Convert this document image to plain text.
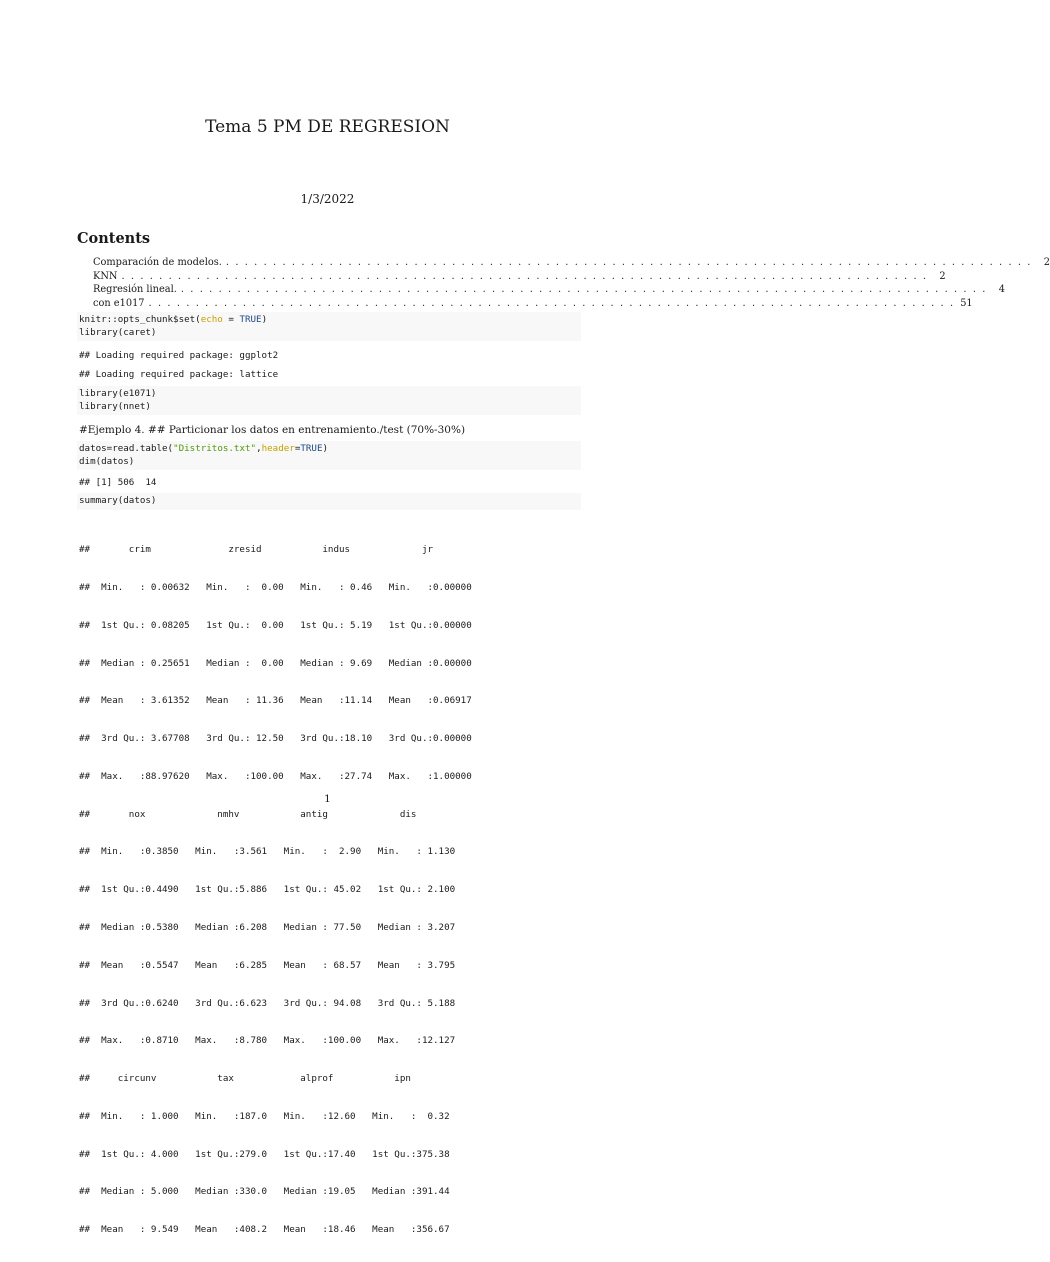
Tema 5 PM DE REGRESION
1/3/2022
Contents
Comparación de modelos. . . . . . . . . . . . . . . . . . . . . . . . . . . . . . . . . . . . . . . . . . . . . . . . . . . . . . . . . . . . . . . . . . . . . . . . . . . . . . . . . . . . . . .	2
KNN . . . . . . . . . . . . . . . . . . . . . . . . . . . . . . . . . . . . . . . . . . . . . . . . . . . . . . . . . . . . . . . . . . . . . . . . . . . . . . . . . . . . . .	2
Regresión lineal. . . . . . . . . . . . . . . . . . . . . . . . . . . . . . . . . . . . . . . . . . . . . . . . . . . . . . . . . . . . . . . . . . . . . . . . . . . . . . . . . . . . . . .	4
con e1017 . . . . . . . . . . . . . . . . . . . . . . . . . . . . . . . . . . . . . . . . . . . . . . . . . . . . . . . . . . . . . . . . . . . . . . . . . . . . . . . . . . . . . . 51
knitr::opts_chunk$set(echo = TRUE)
library(caret)
## Loading required package: ggplot2
## Loading required package: lattice
library(e1071)
library(nnet)
#Ejemplo 4. ## Particionar los datos en entrenamiento./test (70%-30%)
datos=read.table("Distritos.txt",header=TRUE)
dim(datos)
## [1] 506  14
summary(datos)

##       crim              zresid           indus             jr

##  Min.   : 0.00632   Min.   :  0.00   Min.   : 0.46   Min.   :0.00000

##  1st Qu.: 0.08205   1st Qu.:  0.00   1st Qu.: 5.19   1st Qu.:0.00000

##  Median : 0.25651   Median :  0.00   Median : 9.69   Median :0.00000

##  Mean   : 3.61352   Mean   : 11.36   Mean   :11.14   Mean   :0.06917

##  3rd Qu.: 3.67708   3rd Qu.: 12.50   3rd Qu.:18.10   3rd Qu.:0.00000

##  Max.   :88.97620   Max.   :100.00   Max.   :27.74   Max.   :1.00000

##       nox             nmhv           antig             dis

##  Min.   :0.3850   Min.   :3.561   Min.   :  2.90   Min.   : 1.130

##  1st Qu.:0.4490   1st Qu.:5.886   1st Qu.: 45.02   1st Qu.: 2.100

##  Median :0.5380   Median :6.208   Median : 77.50   Median : 3.207

##  Mean   :0.5547   Mean   :6.285   Mean   : 68.57   Mean   : 3.795

##  3rd Qu.:0.6240   3rd Qu.:6.623   3rd Qu.: 94.08   3rd Qu.: 5.188

##  Max.   :0.8710   Max.   :8.780   Max.   :100.00   Max.   :12.127

##     circunv           tax            alprof           ipn

##  Min.   : 1.000   Min.   :187.0   Min.   :12.60   Min.   :  0.32

##  1st Qu.: 4.000   1st Qu.:279.0   1st Qu.:17.40   1st Qu.:375.38

##  Median : 5.000   Median :330.0   Median :19.05   Median :391.44

##  Mean   : 9.549   Mean   :408.2   Mean   :18.46   Mean   :356.67

1
